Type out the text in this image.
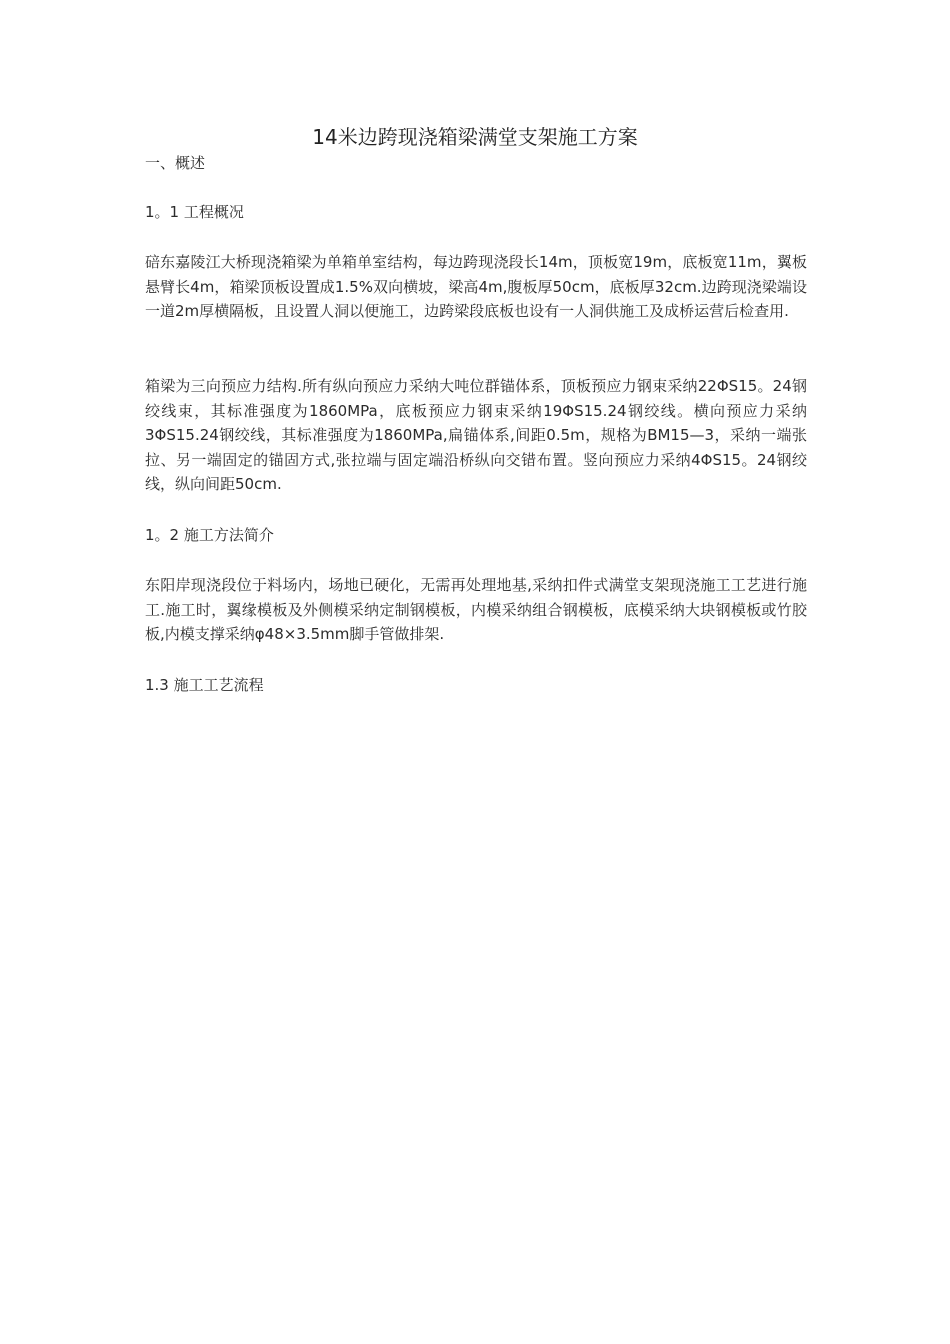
14米边跨现浇箱梁满堂支架施工方案

一、概述

1。1 工程概况

碚东嘉陵江大桥现浇箱梁为单箱单室结构，每边跨现浇段长14m，顶板宽19m，底板宽11m，翼板悬臂长4m，箱梁顶板设置成1.5%双向横坡，梁高4m,腹板厚50cm，底板厚32cm.边跨现浇梁端设一道2m厚横隔板，且设置人洞以便施工，边跨梁段底板也设有一人洞供施工及成桥运营后检查用.

箱梁为三向预应力结构.所有纵向预应力采纳大吨位群锚体系，顶板预应力钢束采纳22ΦS15。24钢绞线束，其标准强度为1860MPa，底板预应力钢束采纳19ΦS15.24钢绞线。横向预应力采纳3ΦS15.24钢绞线，其标准强度为1860MPa,扁锚体系,间距0.5m，规格为BM15—3，采纳一端张拉、另一端固定的锚固方式,张拉端与固定端沿桥纵向交错布置。竖向预应力采纳4ΦS15。24钢绞线，纵向间距50cm.

1。2 施工方法简介

东阳岸现浇段位于料场内，场地已硬化，无需再处理地基,采纳扣件式满堂支架现浇施工工艺进行施工.施工时，翼缘模板及外侧模采纳定制钢模板，内模采纳组合钢模板，底模采纳大块钢模板或竹胶板,内模支撑采纳φ48×3.5mm脚手管做排架.

1.3 施工工艺流程
